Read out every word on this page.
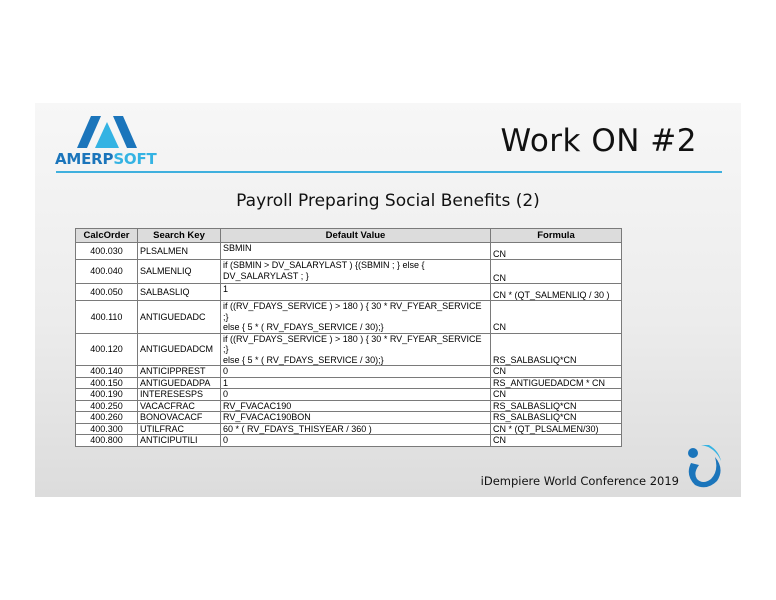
AMERPSOFT	Work ON #2
Payroll Preparing Social Benefits (2)
CalcOrder	Search Key	Default Value	Formula
400.030	PLSALMEN	SBMIN	CN
400.040	SALMENLIQ	if (SBMIN > DV_SALARYLAST ) {(SBMIN ; } else {
DV_SALARYLAST ; }	CN
400.050	SALBASLIQ	1	CN * (QT_SALMENLIQ / 30 )
400.110	ANTIGUEDADC	if ((RV_FDAYS_SERVICE ) > 180 ) { 30 * RV_FYEAR_SERVICE ;}
else { 5 * ( RV_FDAYS_SERVICE / 30);}	CN
400.120	ANTIGUEDADCM	if ((RV_FDAYS_SERVICE ) > 180 ) { 30 * RV_FYEAR_SERVICE ;}
else { 5 * ( RV_FDAYS_SERVICE / 30);}	RS_SALBASLIQ*CN
400.140	ANTICIPPREST	0	CN
400.150	ANTIGUEDADPA	1	RS_ANTIGUEDADCM * CN
400.190	INTERESESPS	0	CN
400.250	VACACFRAC	RV_FVACAC190	RS_SALBASLIQ*CN
400.260	BONOVACACF	RV_FVACAC190BON	RS_SALBASLIQ*CN
400.300	UTILFRAC	60 * ( RV_FDAYS_THISYEAR / 360 )	CN * (QT_PLSALMEN/30)
400.800	ANTICIPUTILI	0	CN
iDempiere World Conference 2019
